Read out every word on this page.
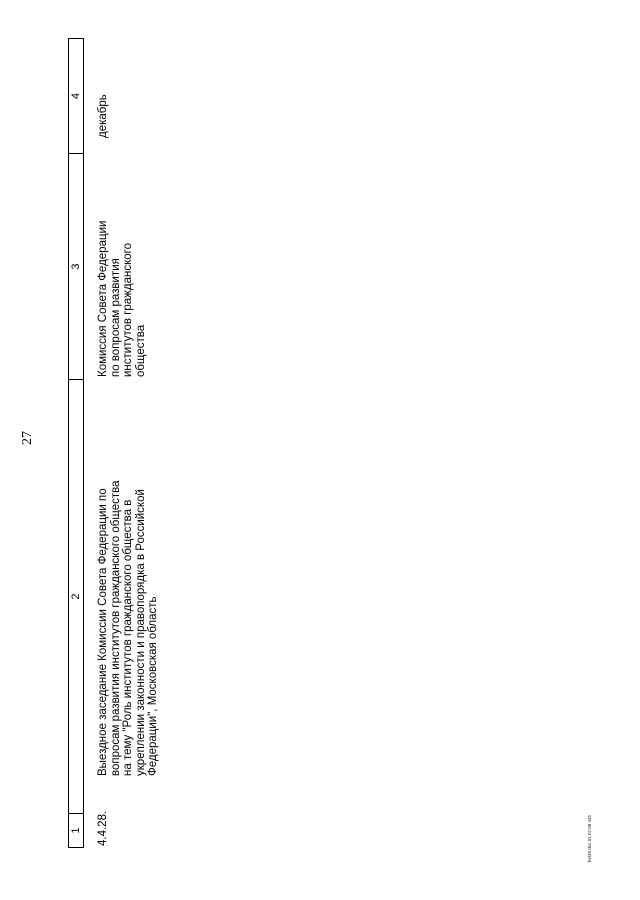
27
1
2
3
4
4.4.28.
Выездное заседание Комиссии Совета Федерации по
вопросам развития институтов гражданского общества
на тему "Роль институтов гражданского общества в
укреплении законности и правопорядка в Российской
Федерации", Московская область
Комиссия Совета Федерации
по вопросам развития
институтов гражданского
общества
декабрь
bel39.doc 01.07.08 445
